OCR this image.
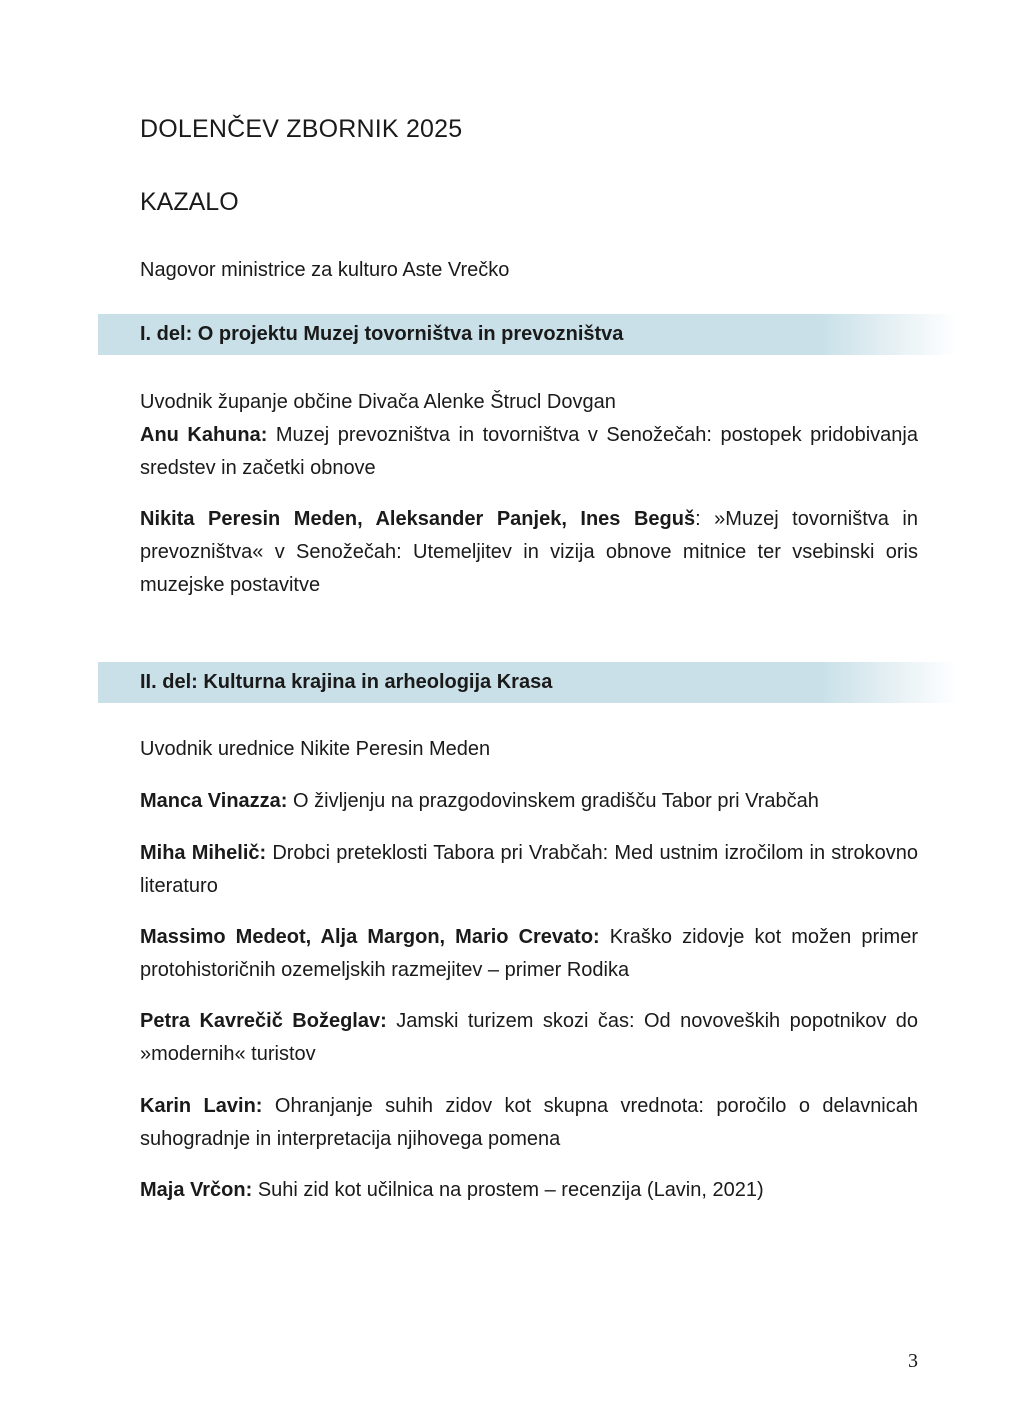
DOLENČEV ZBORNIK 2025
KAZALO
Nagovor ministrice za kulturo Aste Vrečko
I. del: O projektu Muzej tovorništva in prevozništva
Uvodnik županje občine Divača Alenke Štrucl Dovgan
Anu Kahuna: Muzej prevozništva in tovorništva v Senožečah: postopek pridobivanja sredstev in začetki obnove
Nikita Peresin Meden, Aleksander Panjek, Ines Beguš: »Muzej tovorništva in prevozništva« v Senožečah: Utemeljitev in vizija obnove mitnice ter vsebinski oris muzejske postavitve
II. del: Kulturna krajina in arheologija Krasa
Uvodnik urednice Nikite Peresin Meden
Manca Vinazza: O življenju na prazgodovinskem gradišču Tabor pri Vrabčah
Miha Mihelič: Drobci preteklosti Tabora pri Vrabčah: Med ustnim izročilom in strokovno literaturo
Massimo Medeot, Alja Margon, Mario Crevato: Kraško zidovje kot možen primer protohistoričnih ozemeljskih razmejitev – primer Rodika
Petra Kavrečič Božeglav: Jamski turizem skozi čas: Od novoveških popotnikov do »modernih« turistov
Karin Lavin: Ohranjanje suhih zidov kot skupna vrednota: poročilo o delavnicah suhogradnje in interpretacija njihovega pomena
Maja Vrčon: Suhi zid kot učilnica na prostem – recenzija (Lavin, 2021)
3
